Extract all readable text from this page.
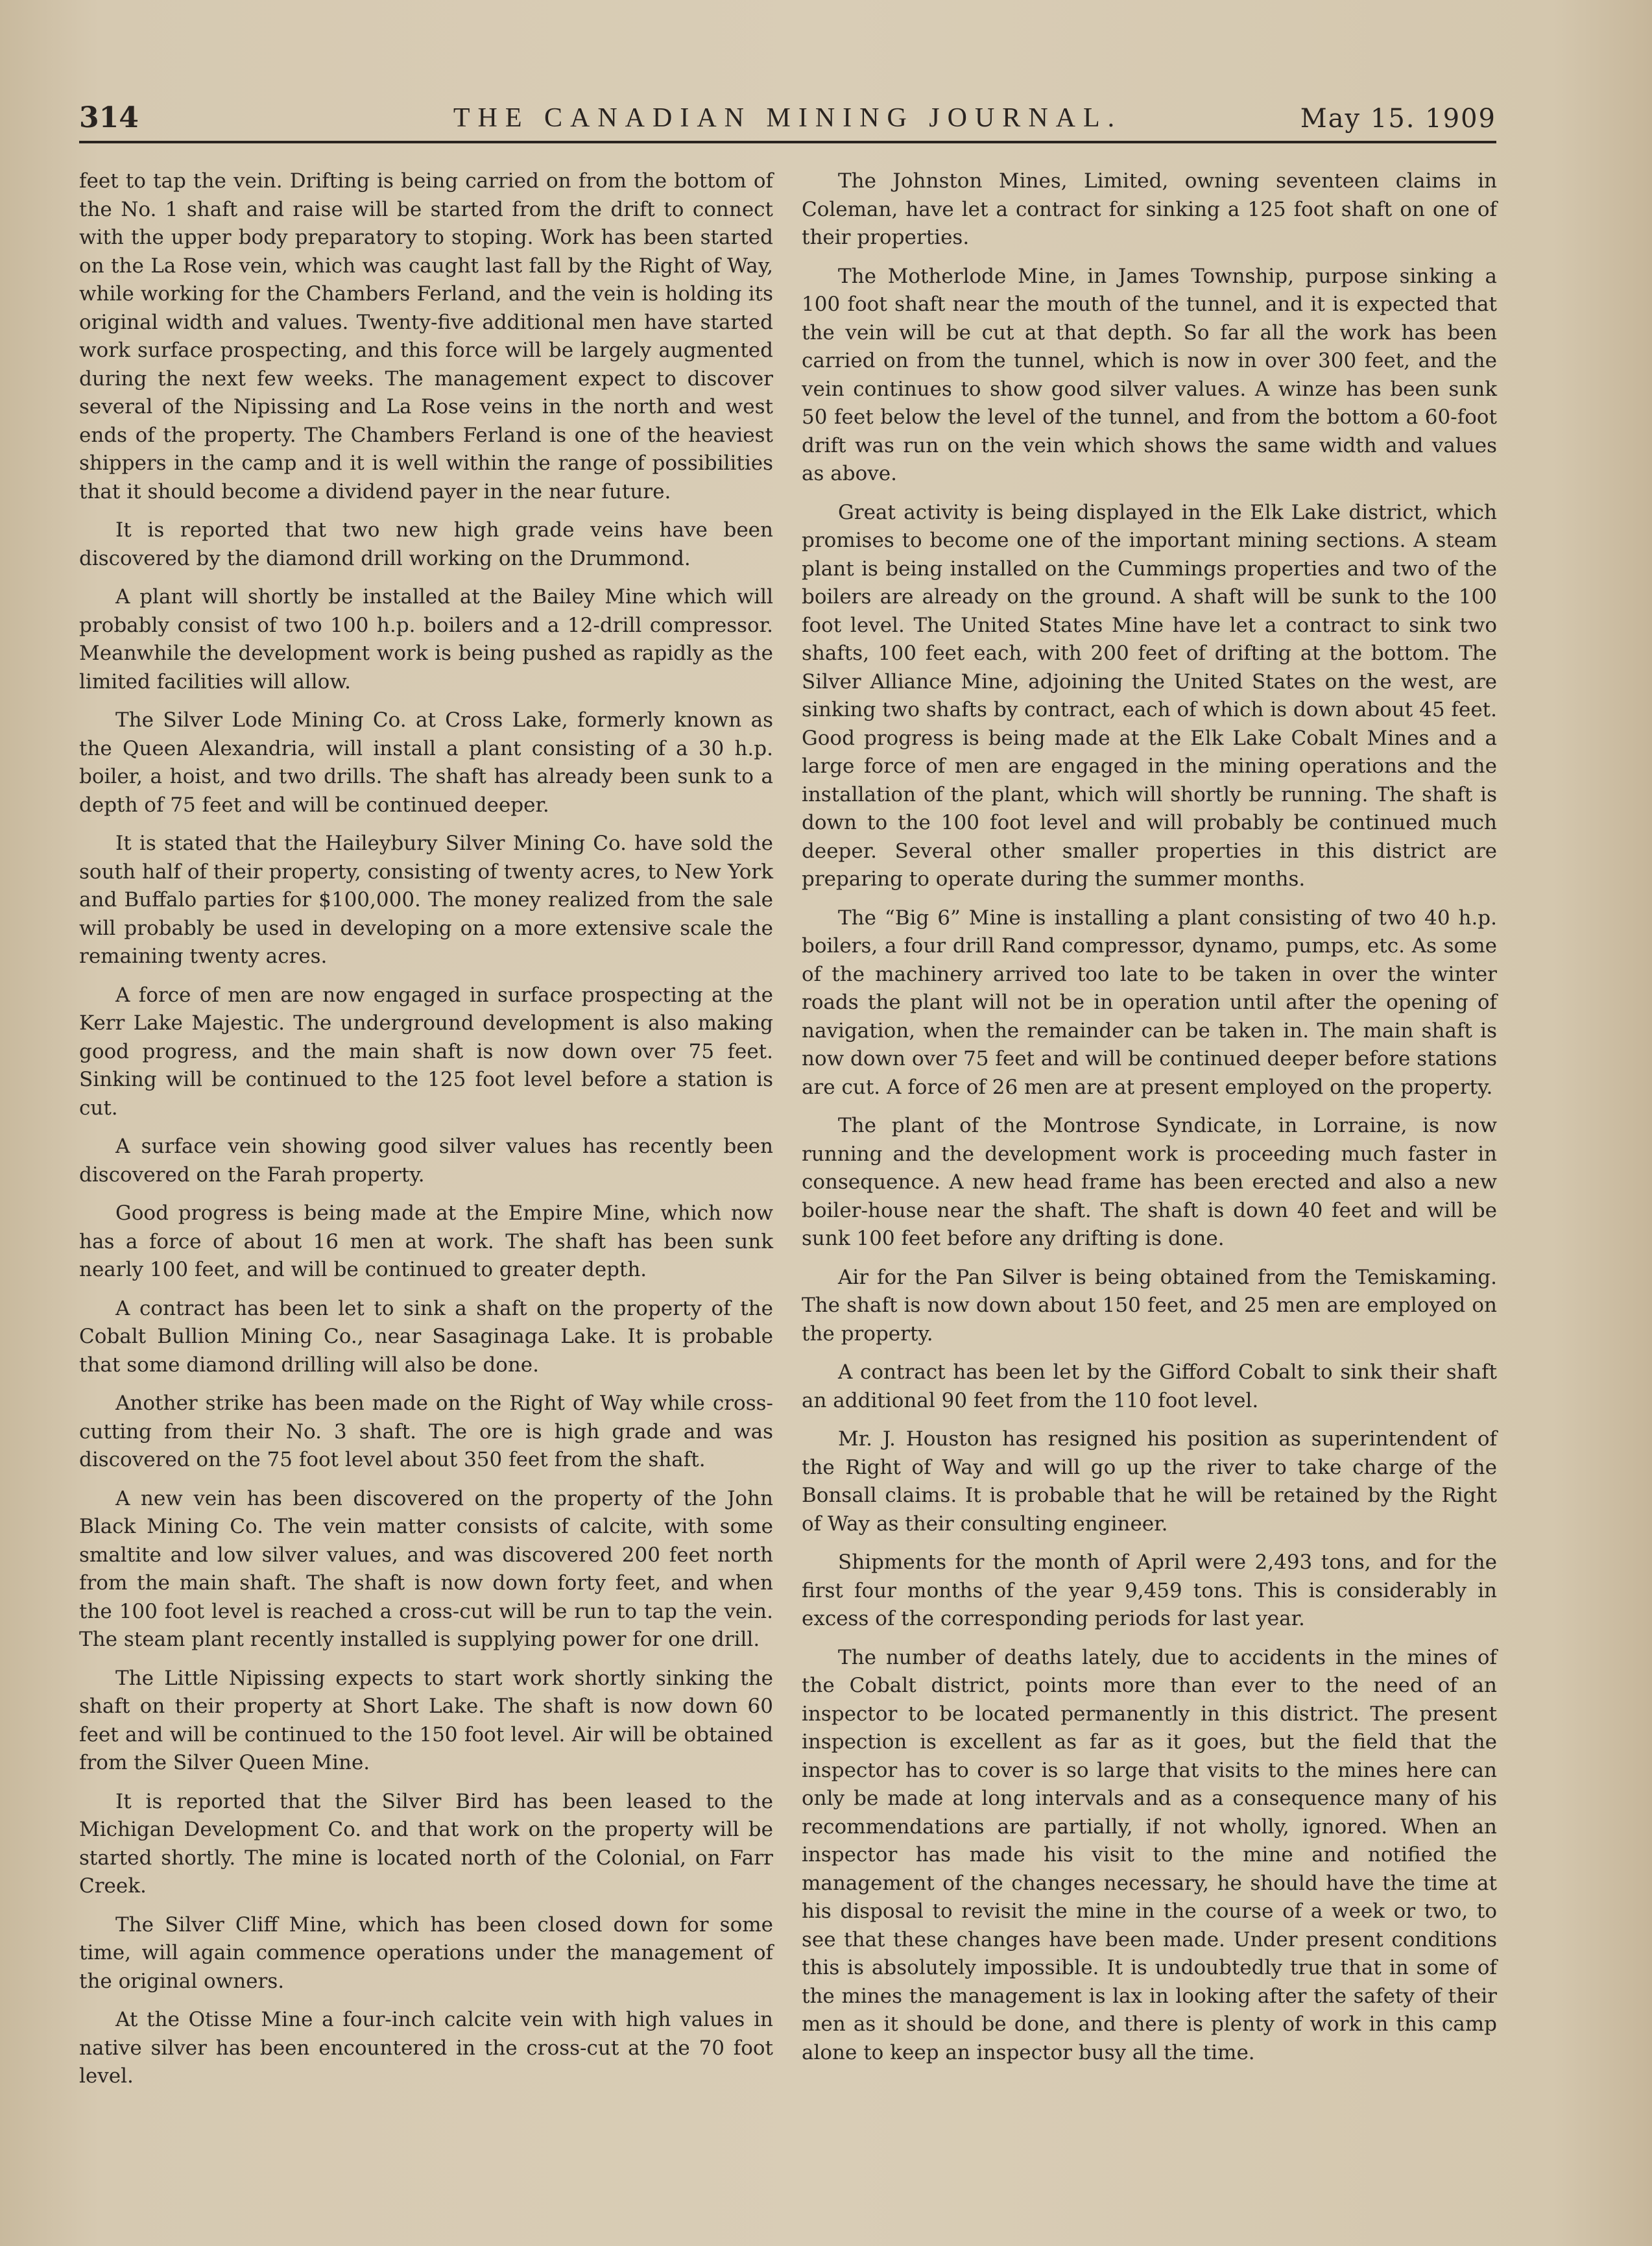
314	THE CANADIAN MINING JOURNAL.	May 15. 1909

feet to tap the vein. Drifting is being carried on from the bottom of the No. 1 shaft and raise will be started from the drift to connect with the upper body preparatory to stoping. Work has been started on the La Rose vein, which was caught last fall by the Right of Way, while working for the Chambers Ferland, and the vein is holding its original width and values. Twenty-five additional men have started work surface prospecting, and this force will be largely augmented during the next few weeks. The management expect to discover several of the Nipissing and La Rose veins in the north and west ends of the property. The Chambers Ferland is one of the heaviest shippers in the camp and it is well within the range of possibilities that it should become a dividend payer in the near future.

It is reported that two new high grade veins have been discovered by the diamond drill working on the Drummond.

A plant will shortly be installed at the Bailey Mine which will probably consist of two 100 h.p. boilers and a 12-drill compressor. Meanwhile the development work is being pushed as rapidly as the limited facilities will allow.

The Silver Lode Mining Co. at Cross Lake, formerly known as the Queen Alexandria, will install a plant consisting of a 30 h.p. boiler, a hoist, and two drills. The shaft has already been sunk to a depth of 75 feet and will be continued deeper.

It is stated that the Haileybury Silver Mining Co. have sold the south half of their property, consisting of twenty acres, to New York and Buffalo parties for $100,000. The money realized from the sale will probably be used in developing on a more extensive scale the remaining twenty acres.

A force of men are now engaged in surface prospecting at the Kerr Lake Majestic. The underground development is also making good progress, and the main shaft is now down over 75 feet. Sinking will be continued to the 125 foot level before a station is cut.

A surface vein showing good silver values has recently been discovered on the Farah property.

Good progress is being made at the Empire Mine, which now has a force of about 16 men at work. The shaft has been sunk nearly 100 feet, and will be continued to greater depth.

A contract has been let to sink a shaft on the property of the Cobalt Bullion Mining Co., near Sasaginaga Lake. It is probable that some diamond drilling will also be done.

Another strike has been made on the Right of Way while cross-cutting from their No. 3 shaft. The ore is high grade and was discovered on the 75 foot level about 350 feet from the shaft.

A new vein has been discovered on the property of the John Black Mining Co. The vein matter consists of calcite, with some smaltite and low silver values, and was discovered 200 feet north from the main shaft. The shaft is now down forty feet, and when the 100 foot level is reached a cross-cut will be run to tap the vein. The steam plant recently installed is supplying power for one drill.

The Little Nipissing expects to start work shortly sinking the shaft on their property at Short Lake. The shaft is now down 60 feet and will be continued to the 150 foot level. Air will be obtained from the Silver Queen Mine.

It is reported that the Silver Bird has been leased to the Michigan Development Co. and that work on the property will be started shortly. The mine is located north of the Colonial, on Farr Creek.

The Silver Cliff Mine, which has been closed down for some time, will again commence operations under the management of the original owners.

At the Otisse Mine a four-inch calcite vein with high values in native silver has been encountered in the cross-cut at the 70 foot level.

The Johnston Mines, Limited, owning seventeen claims in Coleman, have let a contract for sinking a 125 foot shaft on one of their properties.

The Motherlode Mine, in James Township, purpose sinking a 100 foot shaft near the mouth of the tunnel, and it is expected that the vein will be cut at that depth. So far all the work has been carried on from the tunnel, which is now in over 300 feet, and the vein continues to show good silver values. A winze has been sunk 50 feet below the level of the tunnel, and from the bottom a 60-foot drift was run on the vein which shows the same width and values as above.

Great activity is being displayed in the Elk Lake district, which promises to become one of the important mining sections. A steam plant is being installed on the Cummings properties and two of the boilers are already on the ground. A shaft will be sunk to the 100 foot level. The United States Mine have let a contract to sink two shafts, 100 feet each, with 200 feet of drifting at the bottom. The Silver Alliance Mine, adjoining the United States on the west, are sinking two shafts by contract, each of which is down about 45 feet. Good progress is being made at the Elk Lake Cobalt Mines and a large force of men are engaged in the mining operations and the installation of the plant, which will shortly be running. The shaft is down to the 100 foot level and will probably be continued much deeper. Several other smaller properties in this district are preparing to operate during the summer months.

The “Big 6” Mine is installing a plant consisting of two 40 h.p. boilers, a four drill Rand compressor, dynamo, pumps, etc. As some of the machinery arrived too late to be taken in over the winter roads the plant will not be in operation until after the opening of navigation, when the remainder can be taken in. The main shaft is now down over 75 feet and will be continued deeper before stations are cut. A force of 26 men are at present employed on the property.

The plant of the Montrose Syndicate, in Lorraine, is now running and the development work is proceeding much faster in consequence. A new head frame has been erected and also a new boiler-house near the shaft. The shaft is down 40 feet and will be sunk 100 feet before any drifting is done.

Air for the Pan Silver is being obtained from the Temiskaming. The shaft is now down about 150 feet, and 25 men are employed on the property.

A contract has been let by the Gifford Cobalt to sink their shaft an additional 90 feet from the 110 foot level.

Mr. J. Houston has resigned his position as superintendent of the Right of Way and will go up the river to take charge of the Bonsall claims. It is probable that he will be retained by the Right of Way as their consulting engineer.

Shipments for the month of April were 2,493 tons, and for the first four months of the year 9,459 tons. This is considerably in excess of the corresponding periods for last year.

The number of deaths lately, due to accidents in the mines of the Cobalt district, points more than ever to the need of an inspector to be located permanently in this district. The present inspection is excellent as far as it goes, but the field that the inspector has to cover is so large that visits to the mines here can only be made at long intervals and as a consequence many of his recommendations are partially, if not wholly, ignored. When an inspector has made his visit to the mine and notified the management of the changes necessary, he should have the time at his disposal to revisit the mine in the course of a week or two, to see that these changes have been made. Under present conditions this is absolutely impossible. It is undoubtedly true that in some of the mines the management is lax in looking after the safety of their men as it should be done, and there is plenty of work in this camp alone to keep an inspector busy all the time.
